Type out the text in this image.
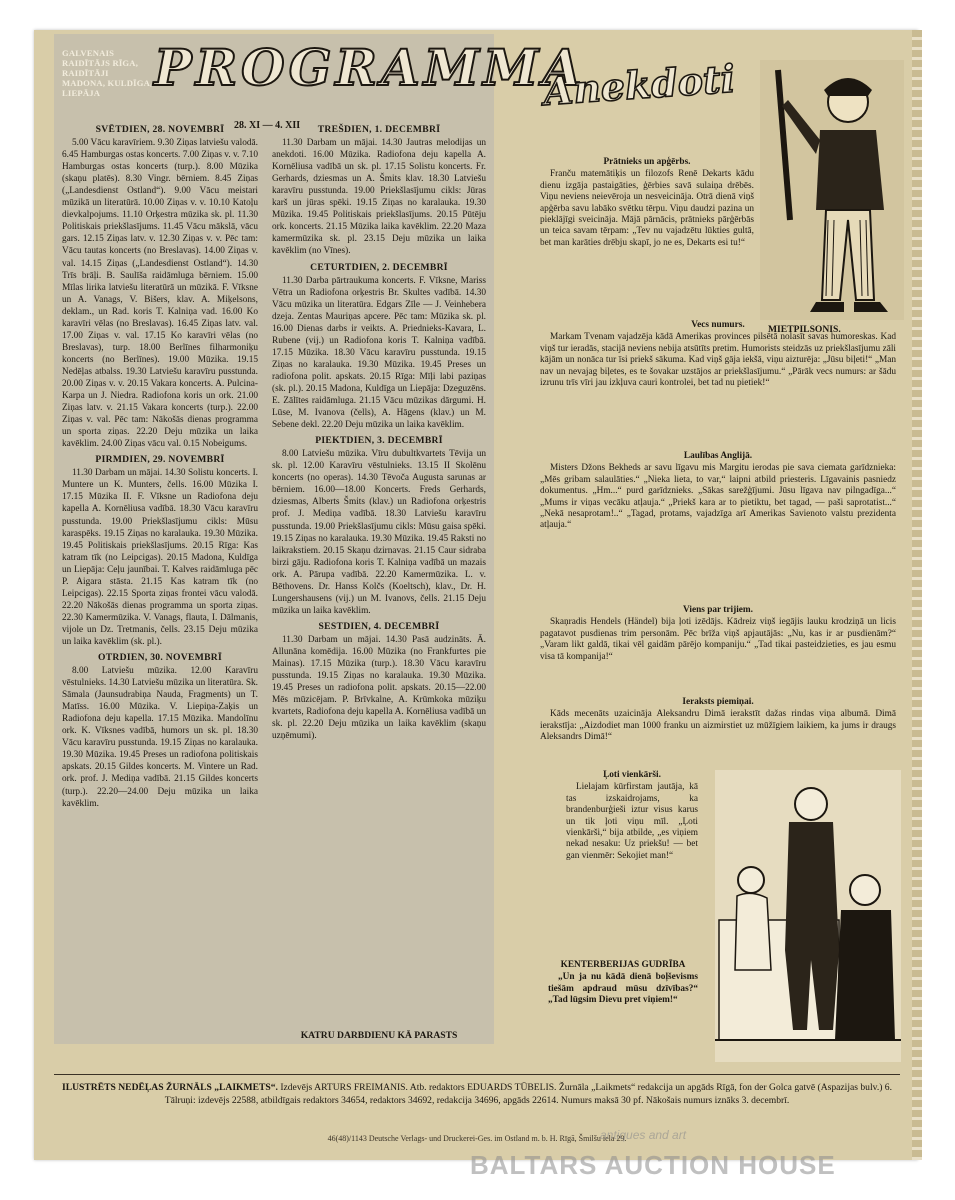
GALVENAIS RAIDĪTĀJS RĪGA, RAIDĪTĀJI MADONA, KULDĪGA, LIEPĀJA	PROGRAMMA
28. XI — 4. XII
SVĒTDIEN, 28. NOVEMBRĪ

5.00 Vācu karavīriem. 9.30 Ziņas latviešu valodā. 6.45 Hamburgas ostas koncerts. 7.00 Ziņas v. v. 7.10 Hamburgas ostas koncerts (turp.). 8.00 Mūzika (skaņu platēs). 8.30 Vingr. bērniem. 8.45 Ziņas („Landesdienst Ostland“). 9.00 Vācu meistari mūzikā un literatūrā. 10.00 Ziņas v. v. 10.10 Katoļu dievkalpojums. 11.10 Orķestra mūzika sk. pl. 11.30 Politiskais priekšlasījums. 11.45 Vācu mākslā, vācu gars. 12.15 Ziņas latv. v. 12.30 Ziņas v. v. Pēc tam: Vācu tautas koncerts (no Breslavas). 14.00 Ziņas v. val. 14.15 Ziņas („Landesdienst Ostland“). 14.30 Trīs brāļi. B. Saulīša raidāmluga bērniem. 15.00 Mīlas lirika latviešu literatūrā un mūzikā. F. Vīksne un A. Vanags, V. Bišers, klav. A. Miķelsons, deklam., un Rad. koris T. Kalniņa vad. 16.00 Ko karavīri vēlas (no Breslavas). 16.45 Ziņas latv. val. 17.00 Ziņas v. val. 17.15 Ko karavīri vēlas (no Breslavas), turp. 18.00 Berlīnes filharmoniķu koncerts (no Berlīnes). 19.00 Mūzika. 19.15 Nedēļas atbalss. 19.30 Latviešu karavīru pusstunda. 20.00 Ziņas v. v. 20.15 Vakara koncerts. A. Pulcina-Karpa un J. Niedra. Radiofona koris un ork. 21.00 Ziņas latv. v. 21.15 Vakara koncerts (turp.). 22.00 Ziņas v. val. Pēc tam: Nākošās dienas programma un sporta ziņas. 22.20 Deju mūzika un laika kavēklim. 24.00 Ziņas vācu val. 0.15 Nobeigums.

PIRMDIEN, 29. NOVEMBRĪ

11.30 Darbam un mājai. 14.30 Solistu koncerts. I. Muntere un K. Munters, čells. 16.00 Mūzika I. 17.15 Mūzika II. F. Vīksne un Radiofona deju kapella A. Kornēliusa vadībā. 18.30 Vācu karavīru pusstunda. 19.00 Priekšlasījumu cikls: Mūsu karaspēks. 19.15 Ziņas no karalauka. 19.30 Mūzika. 19.45 Politiskais priekšlasījums. 20.15 Rīga: Kas katram tīk (no Leipcigas). 20.15 Madona, Kuldīga un Liepāja: Ceļu jaunībai. T. Kalves raidāmluga pēc P. Aigara stāsta. 21.15 Kas katram tīk (no Leipcigas). 22.15 Sporta ziņas frontei vācu valodā. 22.20 Nākošās dienas programma un sporta ziņas. 22.30 Kamermūzika. V. Vanags, flauta, I. Dālmanis, vijole un Dz. Tretmanis, čells. 23.15 Deju mūzika un laika kavēklim (sk. pl.).

OTRDIEN, 30. NOVEMBRĪ

8.00 Latviešu mūzika. 12.00 Karavīru vēstulnieks. 14.30 Latviešu mūzika un literatūra. Sk. Sāmala (Jaunsudrabiņa Nauda, Fragments) un T. Matīss. 16.00 Mūzika. V. Liepiņa-Zaķis un Radiofona deju kapella. 17.15 Mūzika. Mandolīnu ork. K. Vīksnes vadībā, humors un sk. pl. 18.30 Vācu karavīru pusstunda. 19.15 Ziņas no karalauka. 19.30 Mūzika. 19.45 Preses un radiofona politiskais apskats. 20.15 Gildes koncerts. M. Vintere un Rad. ork. prof. J. Mediņa vadībā. 21.15 Gildes koncerts (turp.). 22.20—24.00 Deju mūzika un laika kavēklim.

TREŠDIEN, 1. DECEMBRĪ

11.30 Darbam un mājai. 14.30 Jautras melodijas un anekdoti. 16.00 Mūzika. Radiofona deju kapella A. Kornēliusa vadībā un sk. pl. 17.15 Solistu koncerts. Fr. Gerhards, dziesmas un A. Šmits klav. 18.30 Latviešu karavīru pusstunda. 19.00 Priekšlasījumu cikls: Jūras karš un jūras spēki. 19.15 Ziņas no karalauka. 19.30 Mūzika. 19.45 Politiskais priekšlasījums. 20.15 Pūtēju ork. koncerts. 21.15 Mūzika laika kavēklim. 22.20 Maza kamermūzika sk. pl. 23.15 Deju mūzika un laika kavēklim (no Vīnes).

CETURTDIEN, 2. DECEMBRĪ

11.30 Darba pārtraukuma koncerts. F. Vīksne, Mariss Vētra un Radiofona orķestris Br. Skultes vadībā. 14.30 Vācu mūzika un literatūra. Edgars Zīle — J. Veinhebera dzeja. Zentas Mauriņas apcere. Pēc tam: Mūzika sk. pl. 16.00 Dienas darbs ir veikts. A. Priednieks-Kavara, L. Rubene (vij.) un Radiofona koris T. Kalniņa vadībā. 17.15 Mūzika. 18.30 Vācu karavīru pusstunda. 19.15 Ziņas no karalauka. 19.30 Mūzika. 19.45 Preses un radiofona polit. apskats. 20.15 Rīga: Mīļi labi paziņas (sk. pl.). 20.15 Madona, Kuldīga un Liepāja: Dzeguzēns. E. Zālītes raidāmluga. 21.15 Vācu mūzikas dārgumi. H. Lūse, M. Ivanova (čells), A. Hāgens (klav.) un M. Sebene dekl. 22.20 Deju mūzika un laika kavēklim.

PIEKTDIEN, 3. DECEMBRĪ

8.00 Latviešu mūzika. Vīru dubultkvartets Tēvija un sk. pl. 12.00 Karavīru vēstulnieks. 13.15 II Skolēnu koncerts (no operas). 14.30 Tēvoča Augusta sarunas ar bērniem. 16.00—18.00 Koncerts. Freds Gerhards, dziesmas, Alberts Šmits (klav.) un Radiofona orķestris prof. J. Mediņa vadībā. 18.30 Latviešu karavīru pusstunda. 19.00 Priekšlasījumu cikls: Mūsu gaisa spēki. 19.15 Ziņas no karalauka. 19.30 Mūzika. 19.45 Raksti no laikrakstiem. 20.15 Skaņu dzirnavas. 21.15 Caur sidraba birzi gāju. Radiofona koris T. Kalniņa vadībā un mazais ork. A. Pārupa vadībā. 22.20 Kamermūzika. L. v. Bēthovens. Dr. Hanss Kolčs (Koeltsch), klav., Dr. H. Lungershausens (vij.) un M. Ivanovs, čells. 21.15 Deju mūzika un laika kavēklim.

SESTDIEN, 4. DECEMBRĪ

11.30 Darbam un mājai. 14.30 Pasā audzināts. Ā. Allunāna komēdija. 16.00 Mūzika (no Frankfurtes pie Mainas). 17.15 Mūzika (turp.). 18.30 Vācu karavīru pusstunda. 19.15 Ziņas no karalauka. 19.30 Mūzika. 19.45 Preses un radiofona polit. apskats. 20.15—22.00 Mēs mūzicējam. P. Brīvkalne, A. Krūmkoka mūziķu kvartets, Radiofona deju kapella A. Kornēliusa vadībā un sk. pl. 22.20 Deju mūzika un laika kavēklim (skaņu uzņēmumi).

KATRU DARBDIENU KĀ PARASTS
Anekdoti
MIETPILSONIS.
Prātnieks un apģērbs.

Franču matemātiķis un filozofs Renē Dekarts kādu dienu izgāja pastaigāties, ģērbies savā sulaiņa drēbēs. Viņu neviens neievēroja un nesveicināja. Otrā dienā viņš apģērba savu labāko svētku tērpu. Viņu daudzi pazina un pieklājīgi sveicināja. Mājā pārnācis, prātnieks pārģērbās un teica savam tērpam: „Tev nu vajadzētu lūkties gultā, bet man karāties drēbju skapī, jo ne es, Dekarts esi tu!“

Vecs numurs.

Markam Tvenam vajadzēja kādā Amerikas provinces pilsētā nolasīt savas humoreskas. Kad viņš tur ieradās, stacijā neviens nebija atsūtīts pretim. Humorists steidzās uz priekšlasījumu zāli kājām un nonāca tur īsi priekš sākuma. Kad viņš gāja iekšā, viņu aizturēja: „Jūsu biļeti!“ „Man nav un nevajag biļetes, es te šovakar uzstājos ar priekšlasījumu.“ „Pārāk vecs numurs: ar šādu izrunu trīs vīri jau izkļuva cauri kontrolei, bet tad nu pietiek!“

Laulības Anglijā.

Misters Džons Bekheds ar savu līgavu mis Margitu ierodas pie sava ciemata garīdznieka: „Mēs gribam salaulāties.“ „Nieka lieta, to var,“ laipni atbild priesteris. Līgavainis pasniedz dokumentus. „Hm...“ purd garīdznieks. „Sākas sarežģījumi. Jūsu līgava nav pilngadīga...“ „Mums ir viņas vecāku atļauja.“ „Priekš kara ar to pietiktu, bet tagad, — paši saprotatist...“ „Nekā nesaprotam!..“ „Tagad, protams, vajadzīga arī Amerikas Savienoto valstu prezidenta atļauja.“

Viens par trijiem.

Skaņradis Hendels (Händel) bija ļoti izēdājs. Kādreiz viņš iegājis lauku krodziņā un licis pagatavot pusdienas trim personām. Pēc brīža viņš apjautājās: „Nu, kas ir ar pusdienām?“ „Varam likt galdā, tikai vēl gaidām pārējo kompaniju.“ „Tad tikai pasteidzieties, es jau esmu visa tā kompanija!“

Ieraksts piemiņai.

Kāds mecenāts uzaicināja Aleksandru Dimā ierakstīt dažas rindas viņa albumā. Dimā ierakstīja: „Aizdodiet man 1000 franku un aizmirstiet uz mūžīgiem laikiem, ka jums ir draugs Aleksandrs Dimā!“

Ļoti vienkārši.

Lielajam kūrfirstam jautāja, kā tas izskaidrojams, ka brandenburģieši iztur visus karus un tik ļoti viņu mīl. „Ļoti vienkārši,“ bija atbilde, „es viņiem nekad nesaku: Uz priekšu! — bet gan vienmēr: Sekojiet man!“

KENTERBERIJAS GUDRĪBA

„Un ja nu kādā dienā boļševisms tiešām apdraud mūsu dzīvības?“ „Tad lūgsim Dievu pret viņiem!“

ILUSTRĒTS NEDĒĻAS ŽURNĀLS „LAIKMETS“. Izdevējs ARTURS FREIMANIS. Atb. redaktors EDUARDS TŪBELIS. Žurnāla „Laikmets“ redakcija un apgāds Rīgā, fon der Golca gatvē (Aspazijas bulv.) 6. Tālruņi: izdevējs 22588, atbildīgais redaktors 34654, redaktors 34692, redakcija 34696, apgāds 22614. Numurs maksā 30 pf. Nākošais numurs iznāks 3. decembrī.
46(48)/1143 Deutsche Verlags- und Druckerei-Ges. im Ostland m. b. H. Rīgā, Šmilšu iela 29.
antiques and art
BALTARS AUCTION HOUSE
